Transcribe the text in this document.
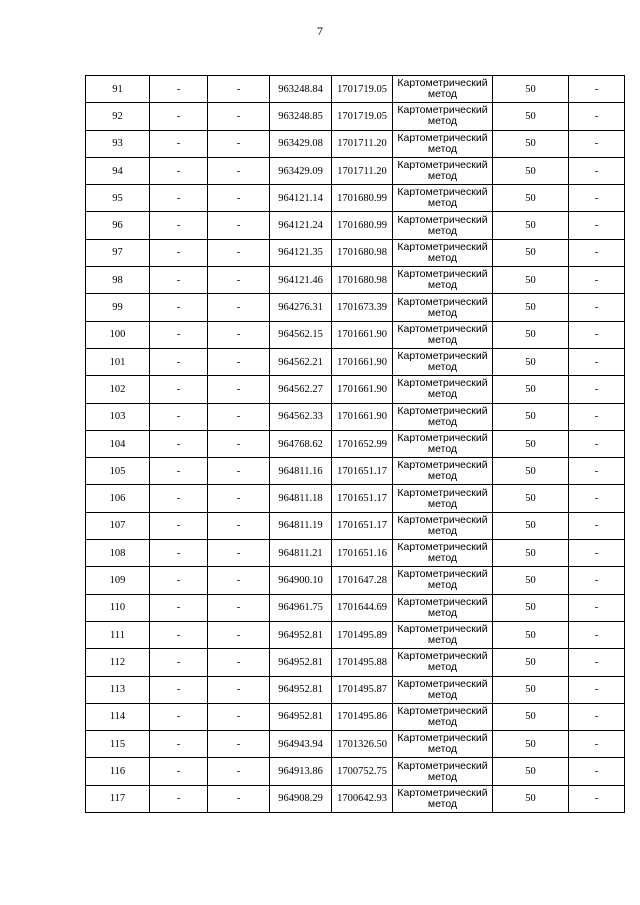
7
91	-	-	963248.84	1701719.05	Картометрический
метод	50	-
92	-	-	963248.85	1701719.05	Картометрический
метод	50	-
93	-	-	963429.08	1701711.20	Картометрический
метод	50	-
94	-	-	963429.09	1701711.20	Картометрический
метод	50	-
95	-	-	964121.14	1701680.99	Картометрический
метод	50	-
96	-	-	964121.24	1701680.99	Картометрический
метод	50	-
97	-	-	964121.35	1701680.98	Картометрический
метод	50	-
98	-	-	964121.46	1701680.98	Картометрический
метод	50	-
99	-	-	964276.31	1701673.39	Картометрический
метод	50	-
100	-	-	964562.15	1701661.90	Картометрический
метод	50	-
101	-	-	964562.21	1701661.90	Картометрический
метод	50	-
102	-	-	964562.27	1701661.90	Картометрический
метод	50	-
103	-	-	964562.33	1701661.90	Картометрический
метод	50	-
104	-	-	964768.62	1701652.99	Картометрический
метод	50	-
105	-	-	964811.16	1701651.17	Картометрический
метод	50	-
106	-	-	964811.18	1701651.17	Картометрический
метод	50	-
107	-	-	964811.19	1701651.17	Картометрический
метод	50	-
108	-	-	964811.21	1701651.16	Картометрический
метод	50	-
109	-	-	964900.10	1701647.28	Картометрический
метод	50	-
110	-	-	964961.75	1701644.69	Картометрический
метод	50	-
111	-	-	964952.81	1701495.89	Картометрический
метод	50	-
112	-	-	964952.81	1701495.88	Картометрический
метод	50	-
113	-	-	964952.81	1701495.87	Картометрический
метод	50	-
114	-	-	964952.81	1701495.86	Картометрический
метод	50	-
115	-	-	964943.94	1701326.50	Картометрический
метод	50	-
116	-	-	964913.86	1700752.75	Картометрический
метод	50	-
117	-	-	964908.29	1700642.93	Картометрический
метод	50	-
